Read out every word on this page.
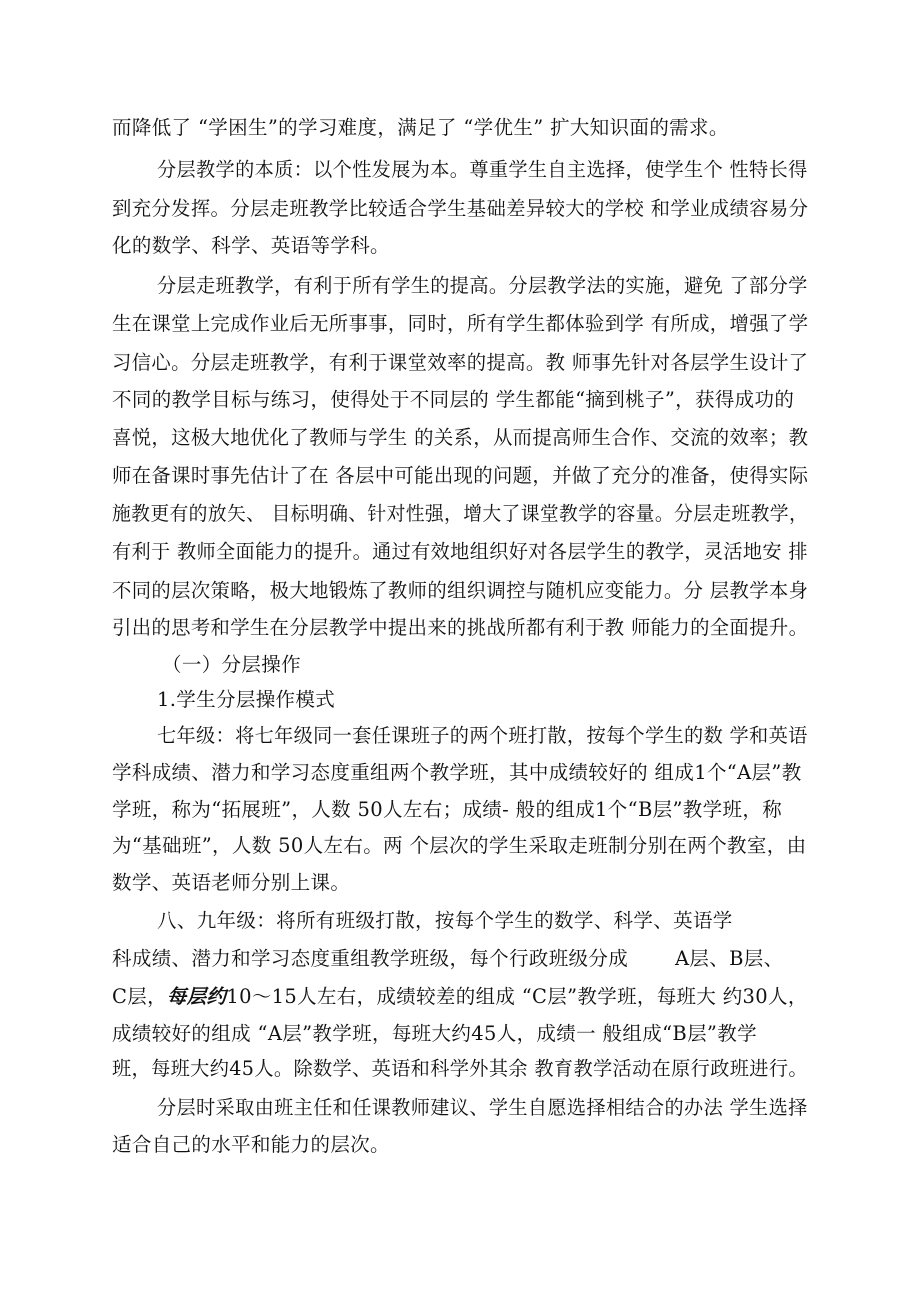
而降低了 “学困生”的学习难度，满足了 “学优生” 扩大知识面的需求。
分层教学的本质：以个性发展为本。尊重学生自主选择，使学生个 性特长得
到充分发挥。分层走班教学比较适合学生基础差异较大的学校 和学业成绩容易分
化的数学、科学、英语等学科。
分层走班教学，有利于所有学生的提高。分层教学法的实施，避免 了部分学
生在课堂上完成作业后无所事事，同时，所有学生都体验到学 有所成，增强了学
习信心。分层走班教学，有利于课堂效率的提高。教 师事先针对各层学生设计了
不同的教学目标与练习，使得处于不同层的 学生都能“摘到桃子”，获得成功的
喜悦，这极大地优化了教师与学生 的关系，从而提高师生合作、交流的效率；教
师在备课时事先估计了在 各层中可能出现的问题，并做了充分的准备，使得实际
施教更有的放矢、 目标明确、针对性强，增大了课堂教学的容量。分层走班教学，
有利于 教师全面能力的提升。通过有效地组织好对各层学生的教学，灵活地安 排
不同的层次策略，极大地锻炼了教师的组织调控与随机应变能力。分 层教学本身
引出的思考和学生在分层教学中提出来的挑战所都有利于教 师能力的全面提升。
（一）分层操作
1.学生分层操作模式
七年级：将七年级同一套任课班子的两个班打散，按每个学生的数 学和英语
学科成绩、潜力和学习态度重组两个教学班，其中成绩较好的 组成1个“A层”教
学班，称为“拓展班”，人数 50人左右；成绩- 般的组成1个“B层”教学班，称
为“基础班”，人数 50人左右。两 个层次的学生采取走班制分别在两个教室，由
数学、英语老师分别上课。
八、九年级：将所有班级打散，按每个学生的数学、科学、英语学
科成绩、潜力和学习态度重组教学班级，每个行政班级分成 A层、B层、
C层，每层约10～15人左右，成绩较差的组成 “C层”教学班，每班大 约30人，
成绩较好的组成 “A层”教学班，每班大约45人，成绩一 般组成“B层”教学
班，每班大约45人。除数学、英语和科学外其余 教育教学活动在原行政班进行。
分层时采取由班主任和任课教师建议、学生自愿选择相结合的办法 学生选择
适合自己的水平和能力的层次。
